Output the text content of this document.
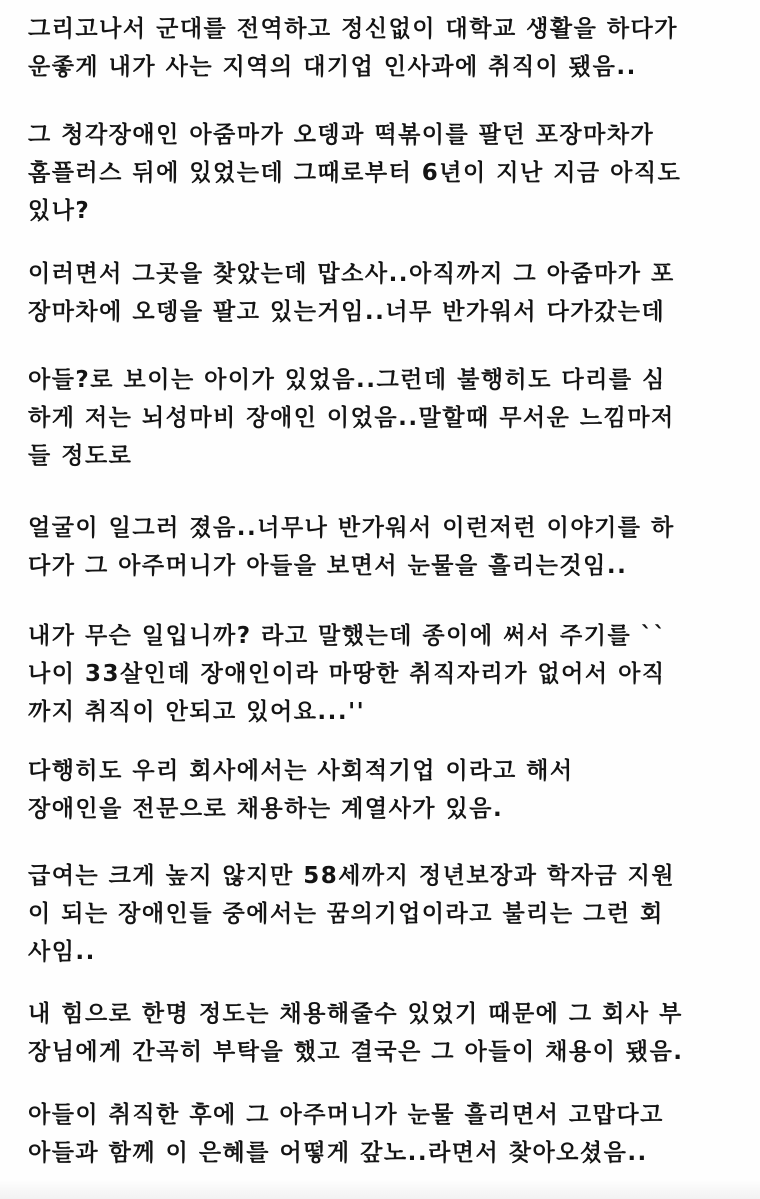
그리고나서 군대를 전역하고 정신없이 대학교 생활을 하다가
운좋게 내가 사는 지역의 대기업 인사과에 취직이 됐음..
그 청각장애인 아줌마가 오뎅과 떡볶이를 팔던 포장마차가
홈플러스 뒤에 있었는데 그때로부터 6년이 지난 지금 아직도
있나?
이러면서 그곳을 찾았는데 맙소사..아직까지 그 아줌마가 포
장마차에 오뎅을 팔고 있는거임..너무 반가워서 다가갔는데
아들?로 보이는 아이가 있었음..그런데 불행히도 다리를 심
하게 저는 뇌성마비 장애인 이었음..말할때 무서운 느낌마저
들 정도로
얼굴이 일그러 졌음..너무나 반가워서 이런저런 이야기를 하
다가 그 아주머니가 아들을 보면서 눈물을 흘리는것임..
내가 무슨 일입니까? 라고 말했는데 종이에 써서 주기를 ``
나이 33살인데 장애인이라 마땅한 취직자리가 없어서 아직
까지 취직이 안되고 있어요...''
다행히도 우리 회사에서는 사회적기업 이라고 해서
장애인을 전문으로 채용하는 계열사가 있음.
급여는 크게 높지 않지만 58세까지 정년보장과 학자금 지원
이 되는 장애인들 중에서는 꿈의기업이라고 불리는 그런 회
사임..
내 힘으로 한명 정도는 채용해줄수 있었기 때문에 그 회사 부
장님에게 간곡히 부탁을 했고 결국은 그 아들이 채용이 됐음.
아들이 취직한 후에 그 아주머니가 눈물 흘리면서 고맙다고
아들과 함께 이 은혜를 어떻게 갚노..라면서 찾아오셨음..
